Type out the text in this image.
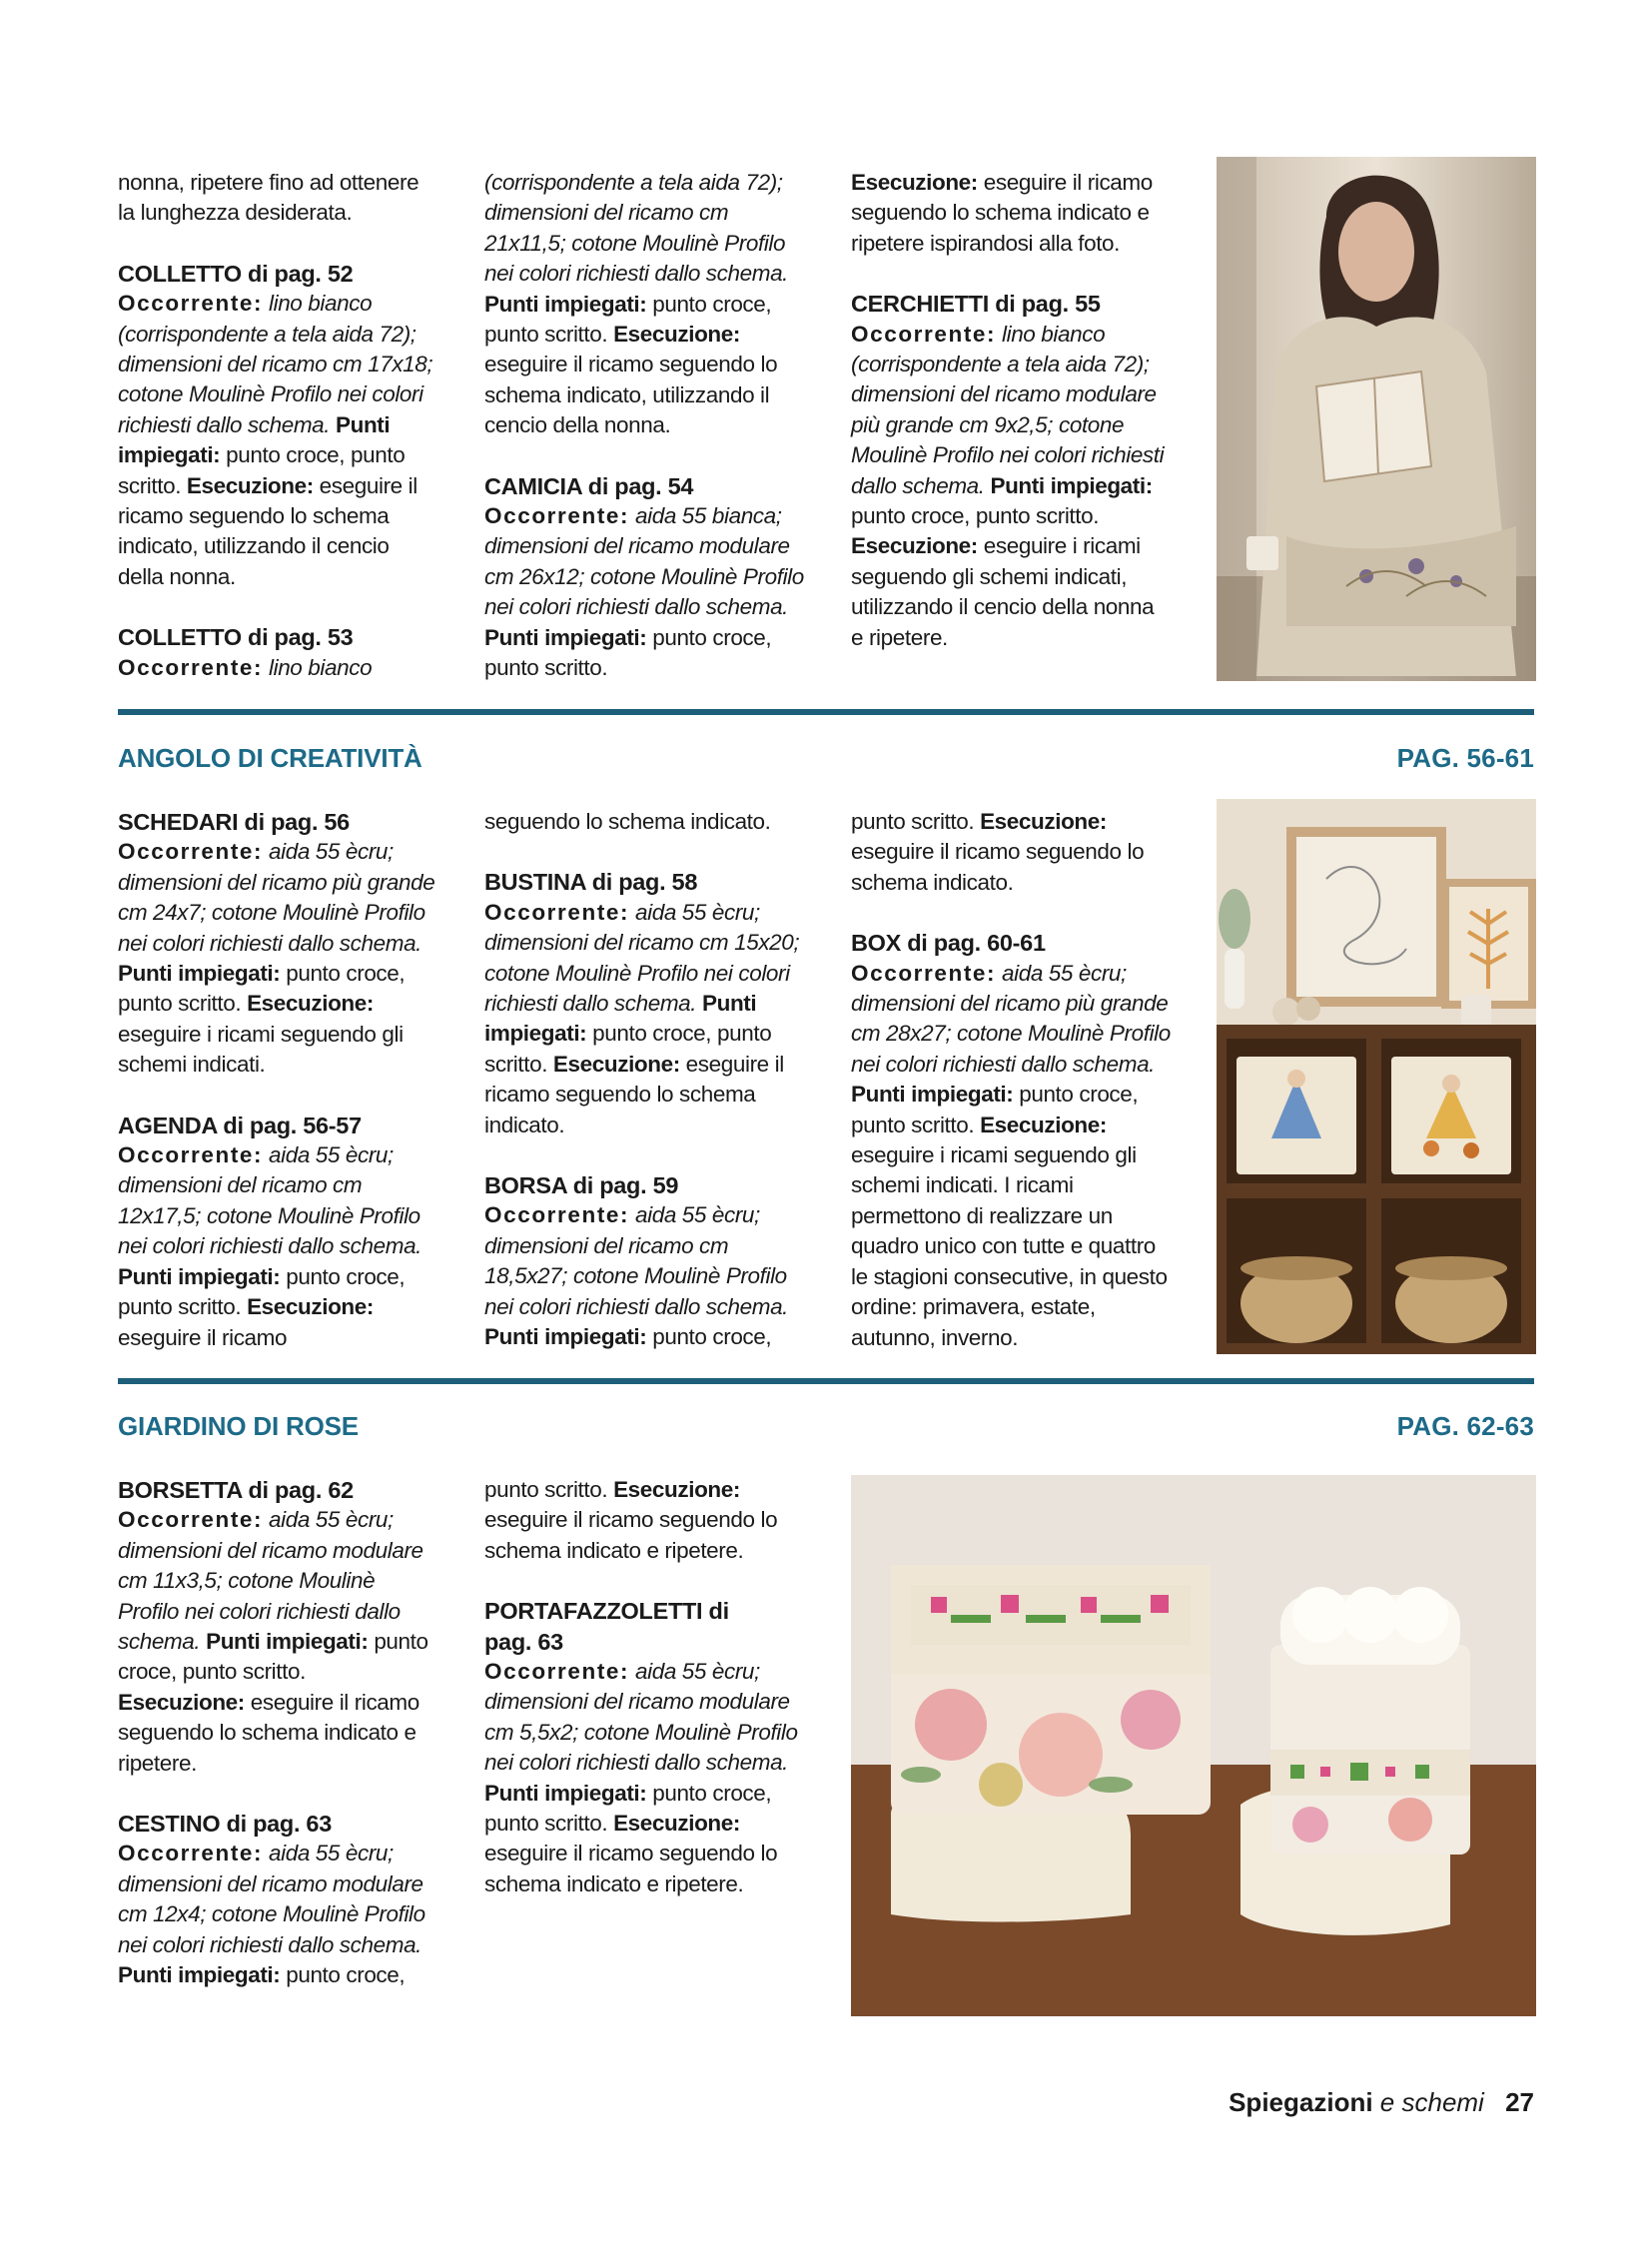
nonna, ripetere fino ad ottenere la lunghezza desiderata.

COLLETTO di pag. 52
Occorrente: lino bianco (corrispondente a tela aida 72); dimensioni del ricamo cm 17x18; cotone Moulinè Profilo nei colori richiesti dallo schema. Punti impiegati: punto croce, punto scritto. Esecuzione: eseguire il ricamo seguendo lo schema indicato, utilizzando il cencio della nonna.

COLLETTO di pag. 53
Occorrente: lino bianco

(corrispondente a tela aida 72); dimensioni del ricamo cm 21x11,5; cotone Moulinè Profilo nei colori richiesti dallo schema. Punti impiegati: punto croce, punto scritto. Esecuzione: eseguire il ricamo seguendo lo schema indicato, utilizzando il cencio della nonna.

CAMICIA di pag. 54
Occorrente: aida 55 bianca; dimensioni del ricamo modulare cm 26x12; cotone Moulinè Profilo nei colori richiesti dallo schema. Punti impiegati: punto croce, punto scritto.

Esecuzione: eseguire il ricamo seguendo lo schema indicato e ripetere ispirandosi alla foto.

CERCHIETTI di pag. 55
Occorrente: lino bianco (corrispondente a tela aida 72); dimensioni del ricamo modulare più grande cm 9x2,5; cotone Moulinè Profilo nei colori richiesti dallo schema. Punti impiegati: punto croce, punto scritto. Esecuzione: eseguire i ricami seguendo gli schemi indicati, utilizzando il cencio della nonna e ripetere.

ANGOLO DI CREATIVITÀ	PAG. 56-61

SCHEDARI di pag. 56
Occorrente: aida 55 ècru; dimensioni del ricamo più grande cm 24x7; cotone Moulinè Profilo nei colori richiesti dallo schema. Punti impiegati: punto croce, punto scritto. Esecuzione: eseguire i ricami seguendo gli schemi indicati.

AGENDA di pag. 56-57
Occorrente: aida 55 ècru; dimensioni del ricamo cm 12x17,5; cotone Moulinè Profilo nei colori richiesti dallo schema. Punti impiegati: punto croce, punto scritto. Esecuzione: eseguire il ricamo

seguendo lo schema indicato.

BUSTINA di pag. 58
Occorrente: aida 55 ècru; dimensioni del ricamo cm 15x20; cotone Moulinè Profilo nei colori richiesti dallo schema. Punti impiegati: punto croce, punto scritto. Esecuzione: eseguire il ricamo seguendo lo schema indicato.

BORSA di pag. 59
Occorrente: aida 55 ècru; dimensioni del ricamo cm 18,5x27; cotone Moulinè Profilo nei colori richiesti dallo schema. Punti impiegati: punto croce,

punto scritto. Esecuzione: eseguire il ricamo seguendo lo schema indicato.

BOX di pag. 60-61
Occorrente: aida 55 ècru; dimensioni del ricamo più grande cm 28x27; cotone Moulinè Profilo nei colori richiesti dallo schema. Punti impiegati: punto croce, punto scritto. Esecuzione: eseguire i ricami seguendo gli schemi indicati. I ricami permettono di realizzare un quadro unico con tutte e quattro le stagioni consecutive, in questo ordine: primavera, estate, autunno, inverno.

GIARDINO DI ROSE	PAG. 62-63

BORSETTA di pag. 62
Occorrente: aida 55 ècru; dimensioni del ricamo modulare cm 11x3,5; cotone Moulinè Profilo nei colori richiesti dallo schema. Punti impiegati: punto croce, punto scritto. Esecuzione: eseguire il ricamo seguendo lo schema indicato e ripetere.

CESTINO di pag. 63
Occorrente: aida 55 ècru; dimensioni del ricamo modulare cm 12x4; cotone Moulinè Profilo nei colori richiesti dallo schema. Punti impiegati: punto croce,

punto scritto. Esecuzione: eseguire il ricamo seguendo lo schema indicato e ripetere.

PORTAFAZZOLETTI di pag. 63
Occorrente: aida 55 ècru; dimensioni del ricamo modulare cm 5,5x2; cotone Moulinè Profilo nei colori richiesti dallo schema. Punti impiegati: punto croce, punto scritto. Esecuzione: eseguire il ricamo seguendo lo schema indicato e ripetere.

Spiegazioni e schemi 27
